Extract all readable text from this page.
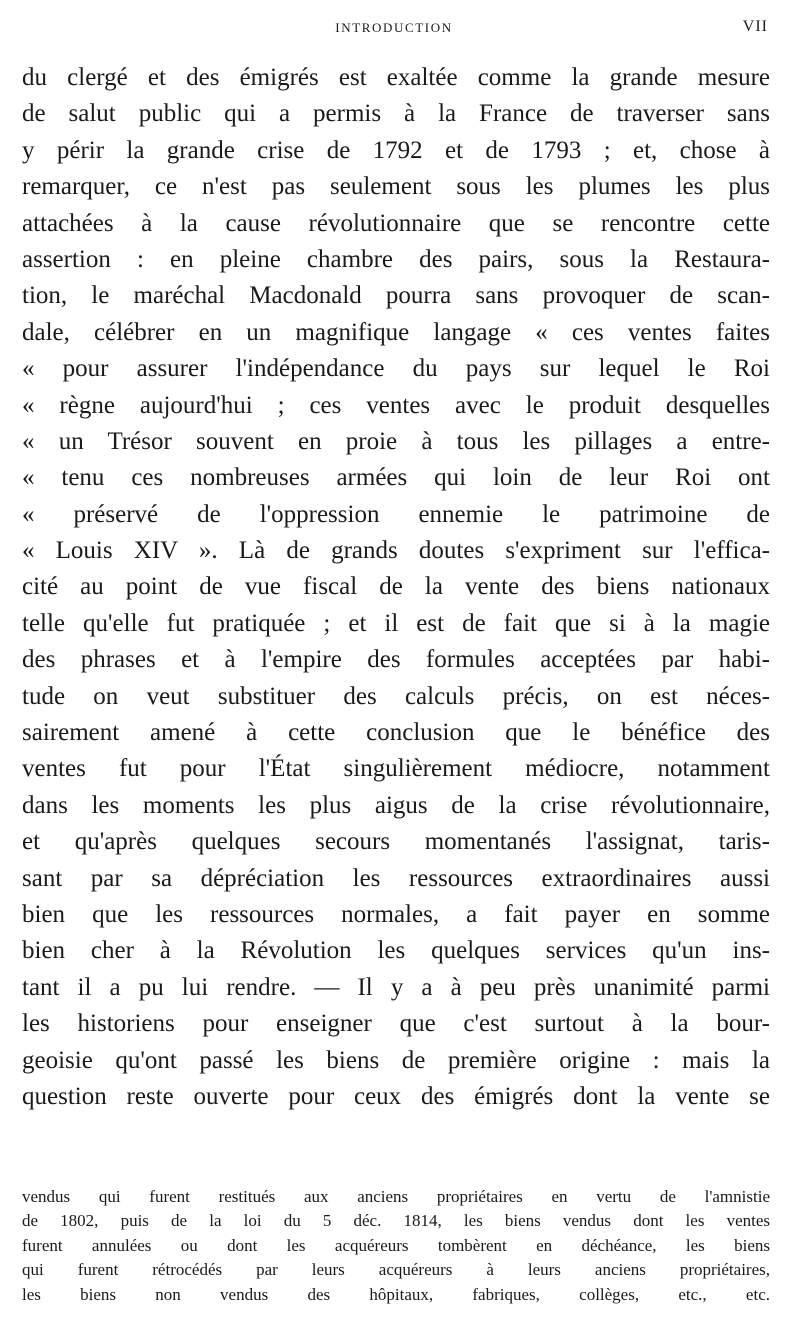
INTRODUCTION	VII
du clergé et des émigrés est exaltée comme la grande mesure
de salut public qui a permis à la France de traverser sans
y périr la grande crise de 1792 et de 1793 ; et, chose à
remarquer, ce n'est pas seulement sous les plumes les plus
attachées à la cause révolutionnaire que se rencontre cette
assertion : en pleine chambre des pairs, sous la Restaura-
tion, le maréchal Macdonald pourra sans provoquer de scan-
dale, célébrer en un magnifique langage « ces ventes faites
« pour assurer l'indépendance du pays sur lequel le Roi
« règne aujourd'hui ; ces ventes avec le produit desquelles
« un Trésor souvent en proie à tous les pillages a entre-
« tenu ces nombreuses armées qui loin de leur Roi ont
« préservé de l'oppression ennemie le patrimoine de
« Louis XIV ». Là de grands doutes s'expriment sur l'effica-
cité au point de vue fiscal de la vente des biens nationaux
telle qu'elle fut pratiquée ; et il est de fait que si à la magie
des phrases et à l'empire des formules acceptées par habi-
tude on veut substituer des calculs précis, on est néces-
sairement amené à cette conclusion que le bénéfice des
ventes fut pour l'État singulièrement médiocre, notamment
dans les moments les plus aigus de la crise révolutionnaire,
et qu'après quelques secours momentanés l'assignat, taris-
sant par sa dépréciation les ressources extraordinaires aussi
bien que les ressources normales, a fait payer en somme
bien cher à la Révolution les quelques services qu'un ins-
tant il a pu lui rendre. — Il y a à peu près unanimité parmi
les historiens pour enseigner que c'est surtout à la bour-
geoisie qu'ont passé les biens de première origine : mais la
question reste ouverte pour ceux des émigrés dont la vente se
vendus qui furent restitués aux anciens propriétaires en vertu de l'amnistie
de 1802, puis de la loi du 5 déc. 1814, les biens vendus dont les ventes
furent annulées ou dont les acquéreurs tombèrent en déchéance, les biens
qui furent rétrocédés par leurs acquéreurs à leurs anciens propriétaires,
les biens non vendus des hôpitaux, fabriques, collèges, etc., etc.
